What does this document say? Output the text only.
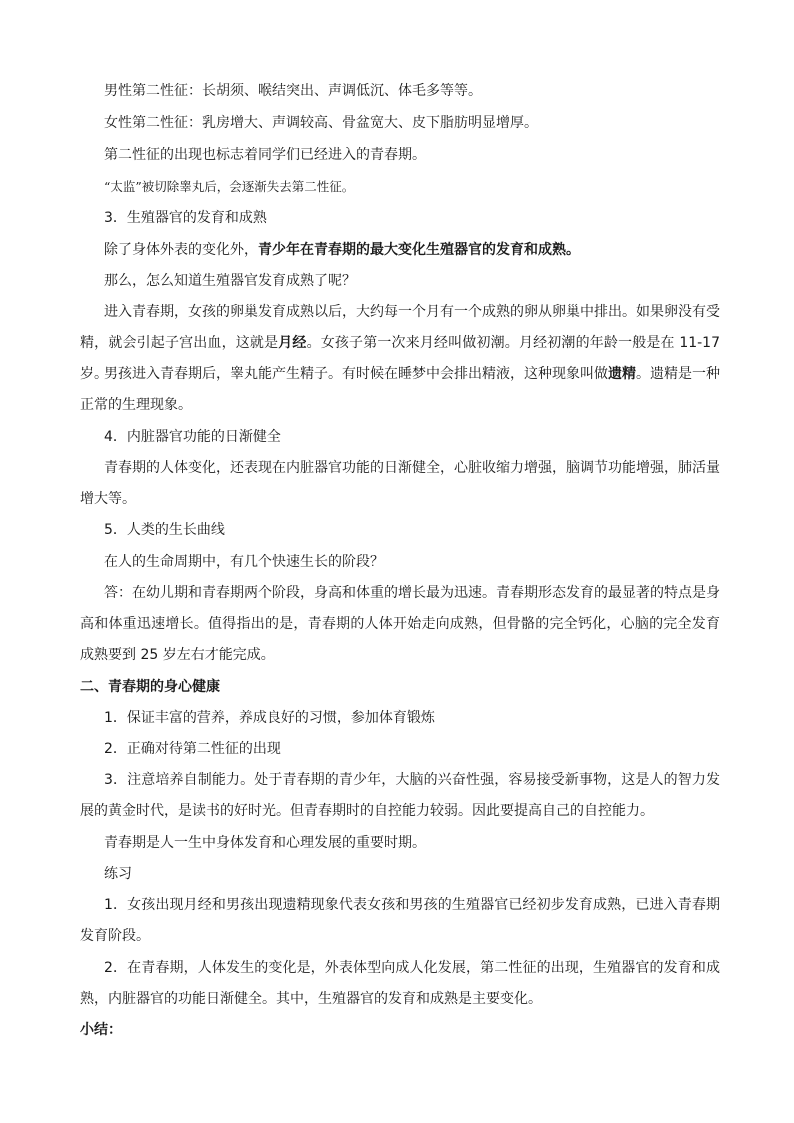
男性第二性征：长胡须、喉结突出、声调低沉、体毛多等等。

女性第二性征：乳房增大、声调较高、骨盆宽大、皮下脂肪明显增厚。

第二性征的出现也标志着同学们已经进入的青春期。

“太监”被切除睾丸后，会逐渐失去第二性征。

3．生殖器官的发育和成熟

除了身体外表的变化外，青少年在青春期的最大变化生殖器官的发育和成熟。

那么，怎么知道生殖器官发育成熟了呢？

进入青春期，女孩的卵巢发育成熟以后，大约每一个月有一个成熟的卵从卵巢中排出。如果卵没有受精，就会引起子宫出血，这就是月经。女孩子第一次来月经叫做初潮。月经初潮的年龄一般是在 11-17 岁。

男孩进入青春期后，睾丸能产生精子。有时候在睡梦中会排出精液，这种现象叫做遗精。遗精是一种正常的生理现象。

4．内脏器官功能的日渐健全

青春期的人体变化，还表现在内脏器官功能的日渐健全，心脏收缩力增强，脑调节功能增强，肺活量增大等。

5．人类的生长曲线

在人的生命周期中，有几个快速生长的阶段？

答：在幼儿期和青春期两个阶段，身高和体重的增长最为迅速。青春期形态发育的最显著的特点是身高和体重迅速增长。值得指出的是，青春期的人体开始走向成熟，但骨骼的完全钙化，心脑的完全发育成熟要到 25 岁左右才能完成。

二、青春期的身心健康

1．保证丰富的营养，养成良好的习惯，参加体育锻炼

2．正确对待第二性征的出现

3．注意培养自制能力。处于青春期的青少年，大脑的兴奋性强，容易接受新事物，这是人的智力发展的黄金时代，是读书的好时光。但青春期时的自控能力较弱。因此要提高自己的自控能力。

青春期是人一生中身体发育和心理发展的重要时期。

练习

1．女孩出现月经和男孩出现遗精现象代表女孩和男孩的生殖器官已经初步发育成熟，已进入青春期发育阶段。

2．在青春期，人体发生的变化是，外表体型向成人化发展，第二性征的出现，生殖器官的发育和成熟，内脏器官的功能日渐健全。其中，生殖器官的发育和成熟是主要变化。

小结：
